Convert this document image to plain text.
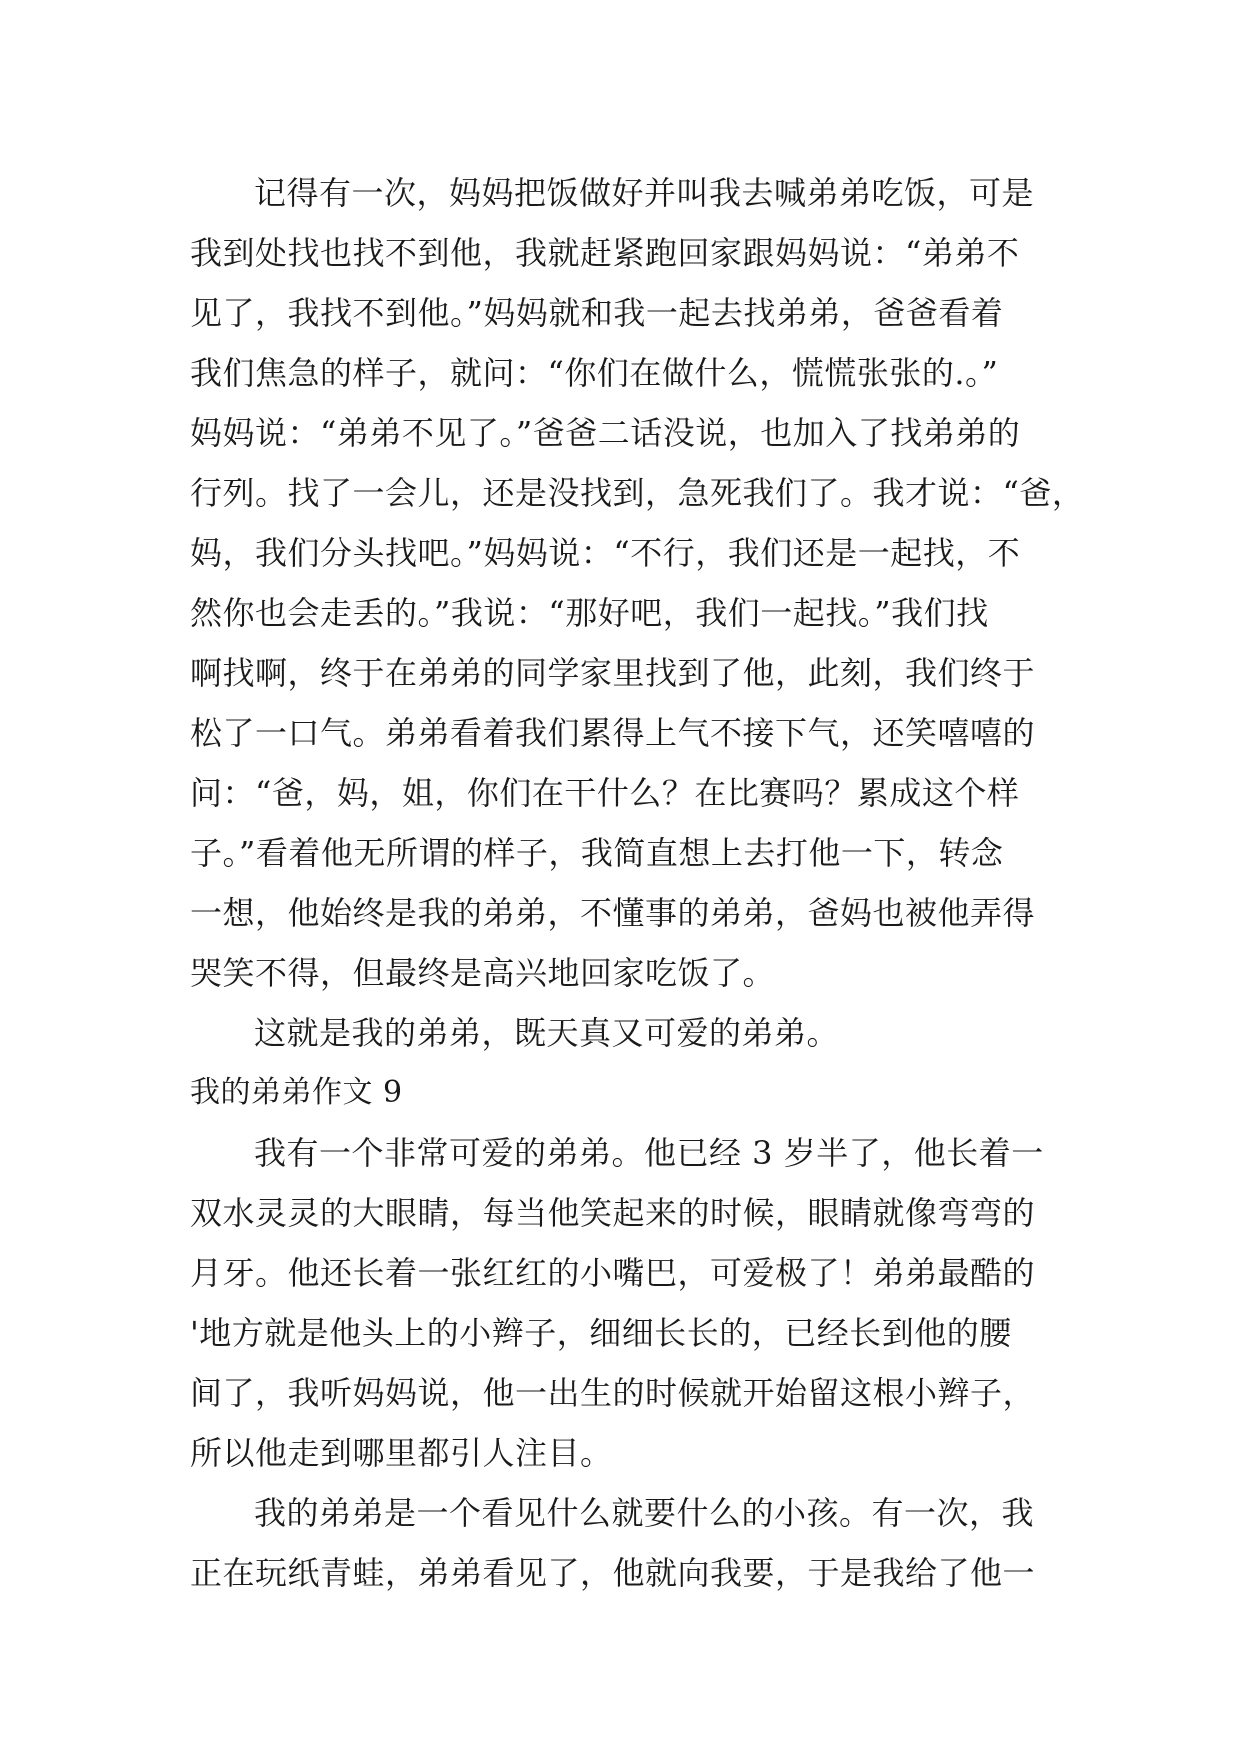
记得有一次，妈妈把饭做好并叫我去喊弟弟吃饭，可是
我到处找也找不到他，我就赶紧跑回家跟妈妈说：“弟弟不
见了，我找不到他。”妈妈就和我一起去找弟弟，爸爸看着
我们焦急的样子，就问：“你们在做什么，慌慌张张的.。”
妈妈说：“弟弟不见了。”爸爸二话没说，也加入了找弟弟的
行列。找了一会儿，还是没找到，急死我们了。我才说：“爸，
妈，我们分头找吧。”妈妈说：“不行，我们还是一起找，不
然你也会走丢的。”我说：“那好吧，我们一起找。”我们找
啊找啊，终于在弟弟的同学家里找到了他，此刻，我们终于
松了一口气。弟弟看着我们累得上气不接下气，还笑嘻嘻的
问：“爸，妈，姐，你们在干什么？在比赛吗？累成这个样
子。”看着他无所谓的样子，我简直想上去打他一下，转念
一想，他始终是我的弟弟，不懂事的弟弟，爸妈也被他弄得
哭笑不得，但最终是高兴地回家吃饭了。
这就是我的弟弟，既天真又可爱的弟弟。
我的弟弟作文 9
我有一个非常可爱的弟弟。他已经 3 岁半了，他长着一
双水灵灵的大眼睛，每当他笑起来的时候，眼睛就像弯弯的
月牙。他还长着一张红红的小嘴巴，可爱极了！弟弟最酷的
'地方就是他头上的小辫子，细细长长的，已经长到他的腰
间了，我听妈妈说，他一出生的时候就开始留这根小辫子，
所以他走到哪里都引人注目。
我的弟弟是一个看见什么就要什么的小孩。有一次，我
正在玩纸青蛙，弟弟看见了，他就向我要，于是我给了他一
